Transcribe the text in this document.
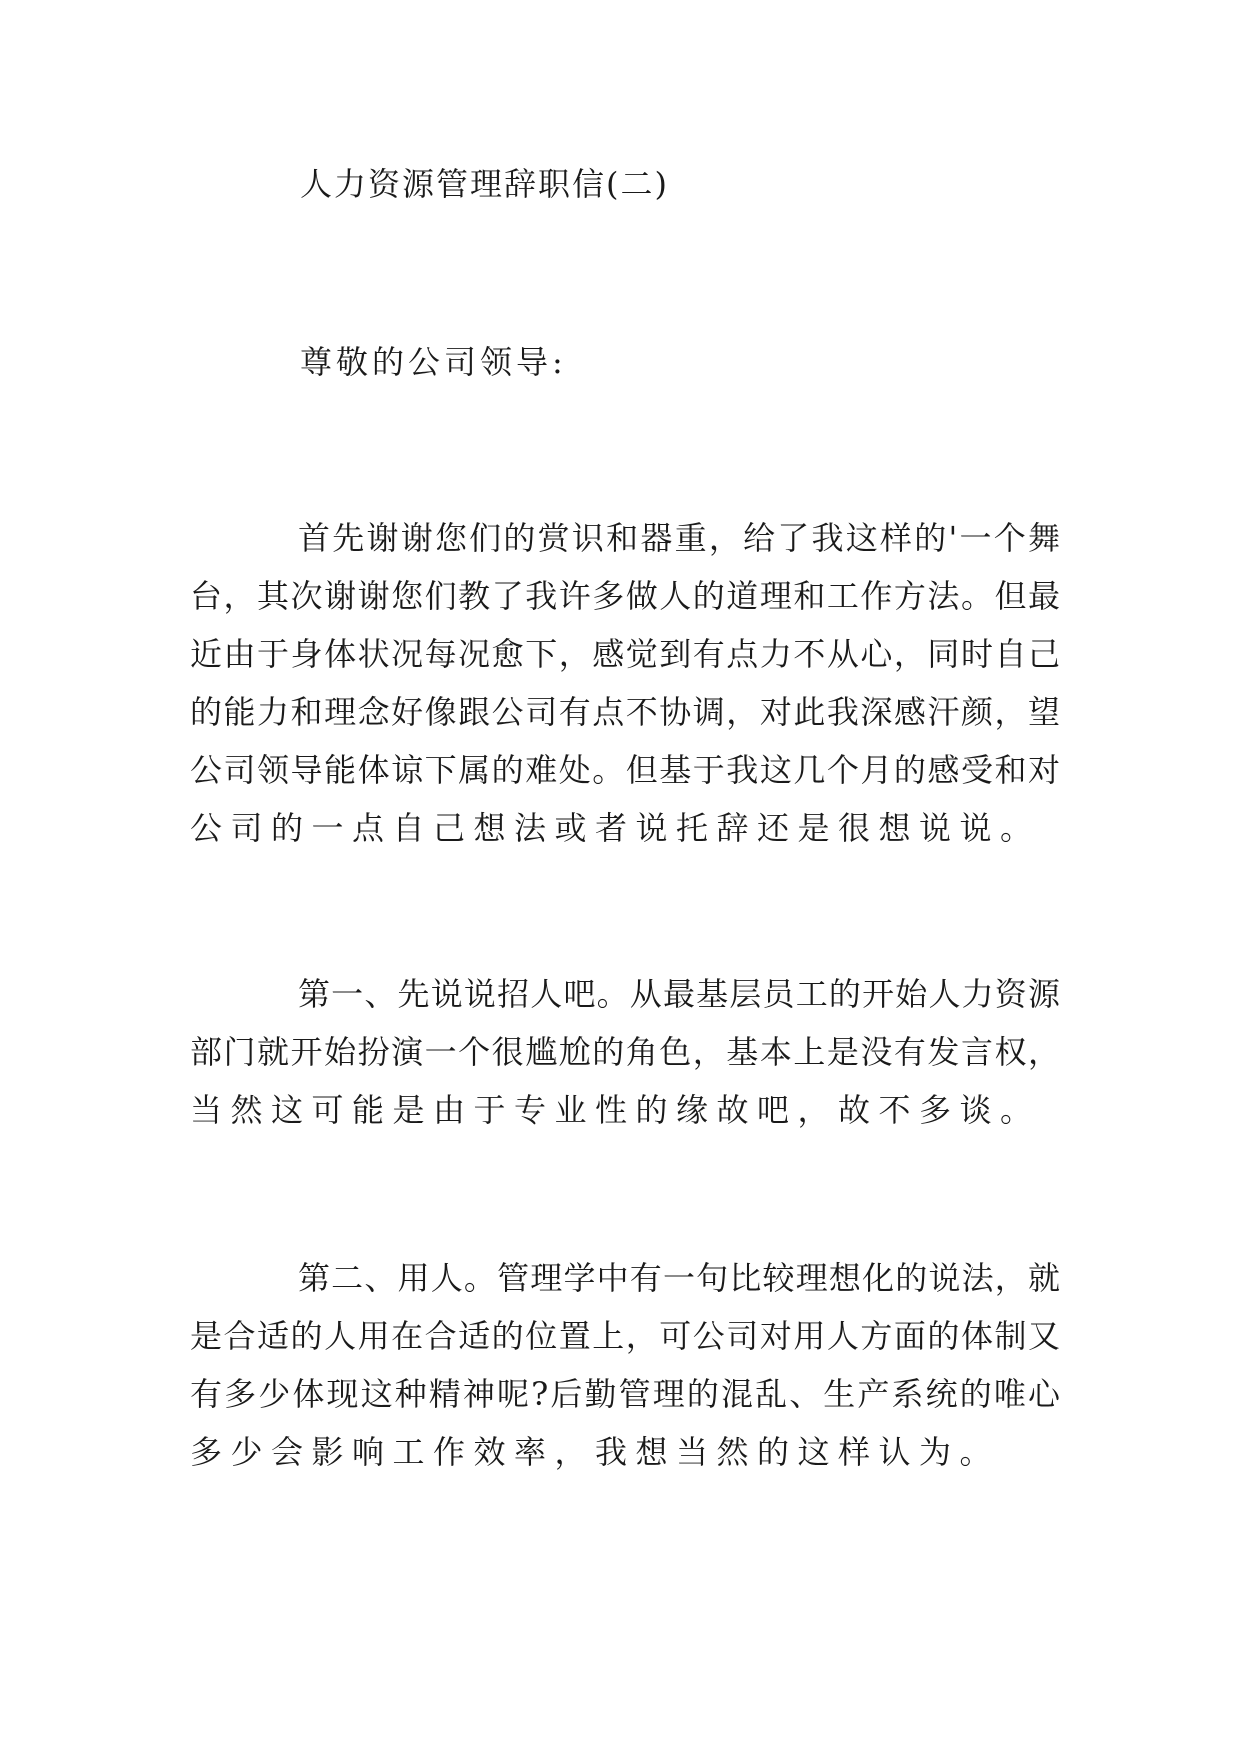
人力资源管理辞职信(二)
尊敬的公司领导:
首先谢谢您们的赏识和器重，给了我这样的'一个舞
台，其次谢谢您们教了我许多做人的道理和工作方法。但最
近由于身体状况每况愈下，感觉到有点力不从心，同时自己
的能力和理念好像跟公司有点不协调，对此我深感汗颜，望
公司领导能体谅下属的难处。但基于我这几个月的感受和对
公司的一点自己想法或者说托辞还是很想说说。
第一、先说说招人吧。从最基层员工的开始人力资源
部门就开始扮演一个很尴尬的角色，基本上是没有发言权，
当然这可能是由于专业性的缘故吧，故不多谈。
第二、用人。管理学中有一句比较理想化的说法，就
是合适的人用在合适的位置上，可公司对用人方面的体制又
有多少体现这种精神呢?后勤管理的混乱、生产系统的唯心
多少会影响工作效率，我想当然的这样认为。
